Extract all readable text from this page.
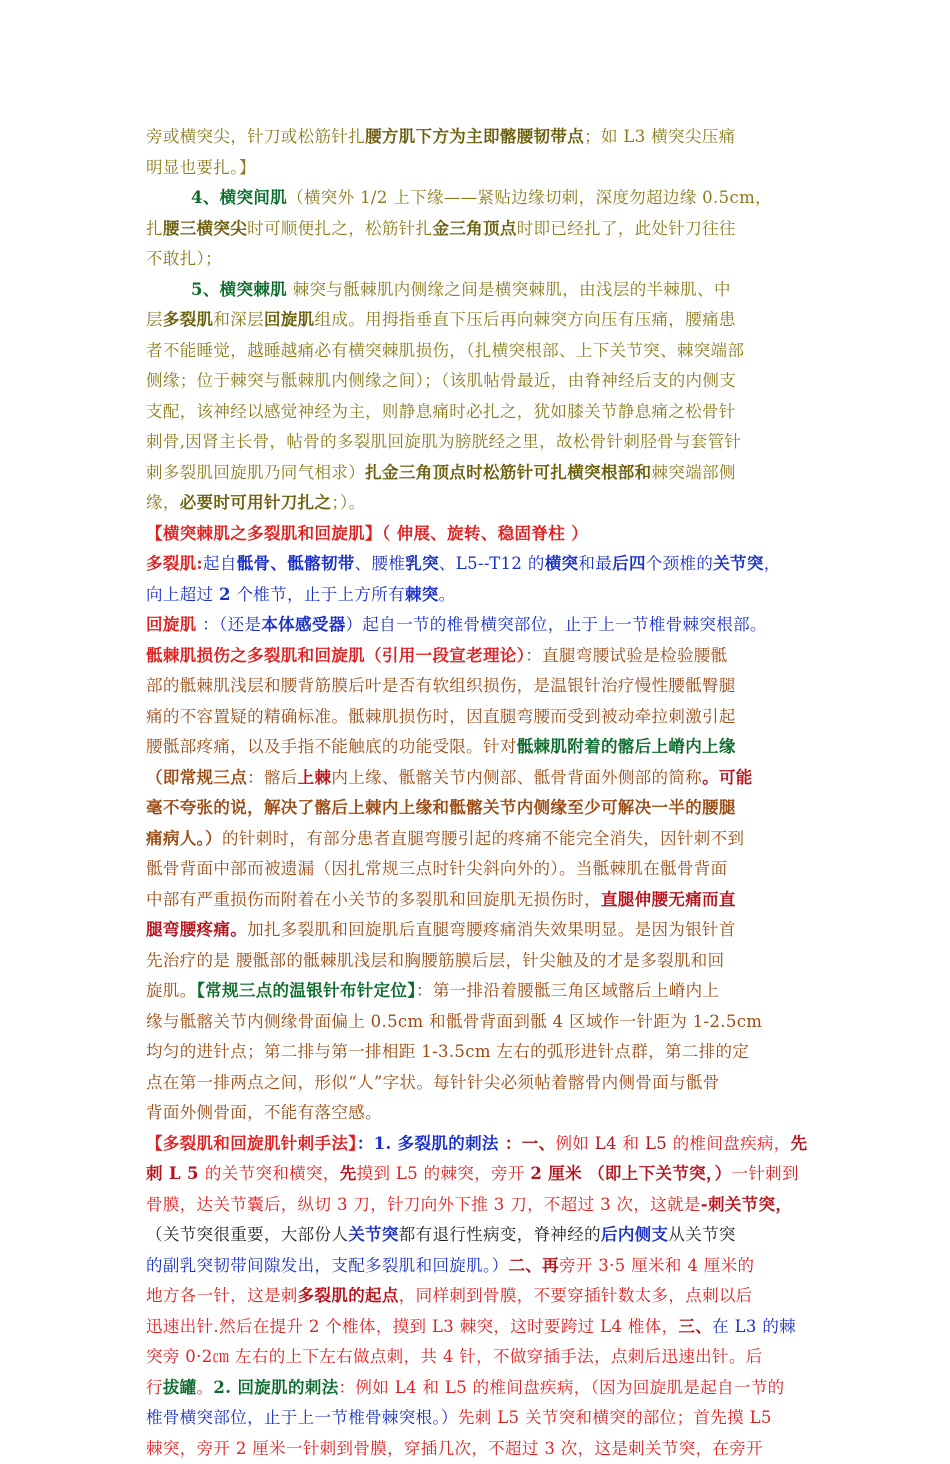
旁或横突尖，针刀或松筋针扎腰方肌下方为主即髂腰韧带点；如 L3 横突尖压痛
明显也要扎。】
4、横突间肌（横突外 1/2 上下缘——紧贴边缘切刺，深度勿超边缘 0.5cm，
扎腰三横突尖时可顺便扎之，松筋针扎金三角顶点时即已经扎了，此处针刀往往
不敢扎）；
5、横突棘肌 棘突与骶棘肌内侧缘之间是横突棘肌，由浅层的半棘肌、中
层多裂肌和深层回旋肌组成。用拇指垂直下压后再向棘突方向压有压痛，腰痛患
者不能睡觉，越睡越痛必有横突棘肌损伤，（扎横突根部、上下关节突、棘突端部
侧缘；位于棘突与骶棘肌内侧缘之间）；（该肌帖骨最近，由脊神经后支的内侧支
支配，该神经以感觉神经为主，则静息痛时必扎之，犹如膝关节静息痛之松骨针
刺骨,因肾主长骨，帖骨的多裂肌回旋肌为膀胱经之里，故松骨针刺胫骨与套管针
刺多裂肌回旋肌乃同气相求）扎金三角顶点时松筋针可扎横突根部和棘突端部侧
缘，必要时可用针刀扎之；）。
【横突棘肌之多裂肌和回旋肌】（ 伸展、旋转、稳固脊柱 ）
多裂肌:起自骶骨、骶髂韧带、腰椎乳突、L5--T12 的横突和最后四个颈椎的关节突，
向上超过 2 个椎节，止于上方所有棘突。
回旋肌 ：（还是本体感受器）起自一节的椎骨横突部位，止于上一节椎骨棘突根部。
骶棘肌损伤之多裂肌和回旋肌（引用一段宣老理论）：直腿弯腰试验是检验腰骶
部的骶棘肌浅层和腰背筋膜后叶是否有软组织损伤，是温银针治疗慢性腰骶臀腿
痛的不容置疑的精确标准。骶棘肌损伤时，因直腿弯腰而受到被动牵拉刺激引起
腰骶部疼痛，以及手指不能触底的功能受限。针对骶棘肌附着的髂后上嵴内上缘
（即常规三点：髂后上棘内上缘、骶髂关节内侧部、骶骨背面外侧部的简称。可能
毫不夸张的说，解决了髂后上棘内上缘和骶髂关节内侧缘至少可解决一半的腰腿
痛病人。）的针刺时，有部分患者直腿弯腰引起的疼痛不能完全消失，因针刺不到
骶骨背面中部而被遗漏（因扎常规三点时针尖斜向外的）。当骶棘肌在骶骨背面
中部有严重损伤而附着在小关节的多裂肌和回旋肌无损伤时，直腿伸腰无痛而直
腿弯腰疼痛。加扎多裂肌和回旋肌后直腿弯腰疼痛消失效果明显。是因为银针首
先治疗的是 腰骶部的骶棘肌浅层和胸腰筋膜后层，针尖触及的才是多裂肌和回
旋肌。【常规三点的温银针布针定位】：第一排沿着腰骶三角区域髂后上嵴内上
缘与骶髂关节内侧缘骨面偏上 0.5cm 和骶骨背面到骶 4 区域作一针距为 1-2.5cm
均匀的进针点；第二排与第一排相距 1-3.5cm 左右的弧形进针点群，第二排的定
点在第一排两点之间，形似“人”字状。每针针尖必须帖着髂骨内侧骨面与骶骨
背面外侧骨面，不能有落空感。
【多裂肌和回旋肌针刺手法】：1. 多裂肌的刺法 ：一、例如 L4 和 L5 的椎间盘疾病，先
刺 L 5 的关节突和横突，先摸到 L5 的棘突，旁开 2 厘米 （即上下关节突，）一针刺到
骨膜，达关节囊后，纵切 3 刀，针刀向外下推 3 刀，不超过 3 次，这就是-刺关节突，
（关节突很重要，大部份人关节突都有退行性病变，脊神经的后内侧支从关节突
的副乳突韧带间隙发出，支配多裂肌和回旋肌。）二、再旁开 3·5 厘米和 4 厘米的
地方各一针，这是刺多裂肌的起点，同样刺到骨膜，不要穿插针数太多，点刺以后
迅速出针.然后在提升 2 个椎体，摸到 L3 棘突，这时要跨过 L4 椎体，三、在 L3 的棘
突旁 0·2㎝ 左右的上下左右做点刺，共 4 针，不做穿插手法，点刺后迅速出针。后
行拔罐。2. 回旋肌的刺法：例如 L4 和 L5 的椎间盘疾病，（因为回旋肌是起自一节的
椎骨横突部位，止于上一节椎骨棘突根。）先刺 L5 关节突和横突的部位；首先摸 L5
棘突，旁开 2 厘米一针刺到骨膜，穿插几次，不超过 3 次，这是刺关节突，在旁开
